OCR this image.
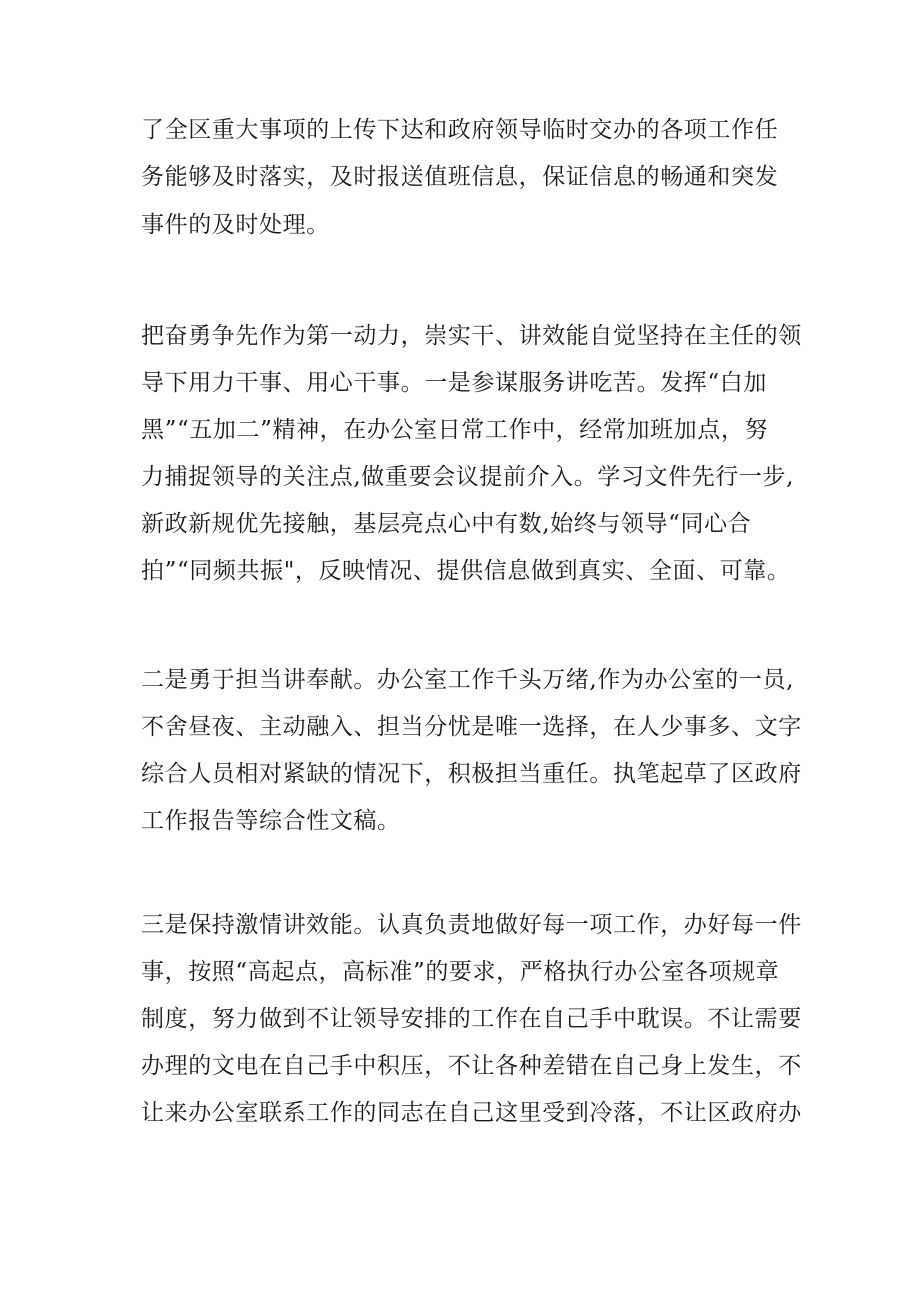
了全区重大事项的上传下达和政府领导临时交办的各项工作任
务能够及时落实，及时报送值班信息，保证信息的畅通和突发
事件的及时处理。
把奋勇争先作为第一动力，崇实干、讲效能自觉坚持在主任的领
导下用力干事、用心干事。一是参谋服务讲吃苦。发挥“白加
黑”“五加二”精神，在办公室日常工作中，经常加班加点，努
力捕捉领导的关注点,做重要会议提前介入。学习文件先行一步,
新政新规优先接触，基层亮点心中有数,始终与领导“同心合
拍”“同频共振"，反映情况、提供信息做到真实、全面、可靠。
二是勇于担当讲奉献。办公室工作千头万绪,作为办公室的一员,
不舍昼夜、主动融入、担当分忧是唯一选择，在人少事多、文字
综合人员相对紧缺的情况下，积极担当重任。执笔起草了区政府
工作报告等综合性文稿。
三是保持激情讲效能。认真负责地做好每一项工作，办好每一件
事，按照“高起点，高标准”的要求，严格执行办公室各项规章
制度，努力做到不让领导安排的工作在自己手中耽误。不让需要
办理的文电在自己手中积压，不让各种差错在自己身上发生，不
让来办公室联系工作的同志在自己这里受到冷落，不让区政府办
